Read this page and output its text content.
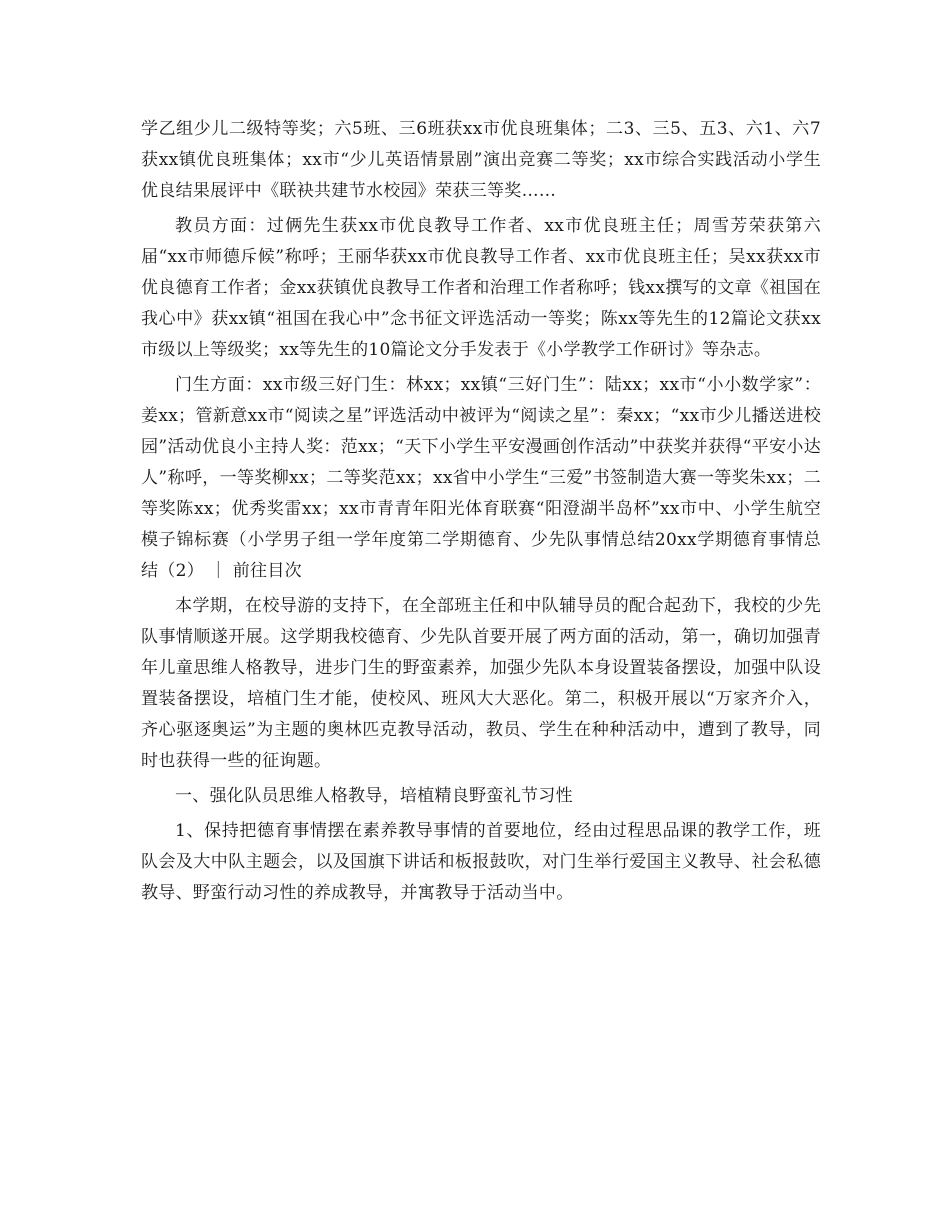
学乙组少儿二级特等奖；六5班、三6班获xx市优良班集体；二3、三5、五3、六1、六7获xx镇优良班集体；xx市“少儿英语情景剧”演出竞赛二等奖；xx市综合实践活动小学生优良结果展评中《联袂共建节水校园》荣获三等奖……

教员方面：过俩先生获xx市优良教导工作者、xx市优良班主任；周雪芳荣获第六届“xx市师德斥候”称呼；王丽华获xx市优良教导工作者、xx市优良班主任；吴xx获xx市优良德育工作者；金xx获镇优良教导工作者和治理工作者称呼；钱xx撰写的文章《祖国在我心中》获xx镇“祖国在我心中”念书征文评选活动一等奖；陈xx等先生的12篇论文获xx市级以上等级奖；xx等先生的10篇论文分手发表于《小学教学工作研讨》等杂志。

门生方面：xx市级三好门生：林xx；xx镇“三好门生”：陆xx；xx市“小小数学家”：姜xx；管新意xx市“阅读之星”评选活动中被评为“阅读之星”：秦xx；“xx市少儿播送进校园”活动优良小主持人奖：范xx；“天下小学生平安漫画创作活动”中获奖并获得“平安小达人”称呼，一等奖柳xx；二等奖范xx；xx省中小学生“三爱”书签制造大赛一等奖朱xx；二等奖陈xx；优秀奖雷xx；xx市青青年阳光体育联赛“阳澄湖半岛杯”xx市中、小学生航空模子锦标赛（小学男子组一学年度第二学期德育、少先队事情总结20xx学期德育事情总结（2） ｜ 前往目次

本学期，在校导游的支持下，在全部班主任和中队辅导员的配合起劲下，我校的少先队事情顺遂开展。这学期我校德育、少先队首要开展了两方面的活动，第一，确切加强青年儿童思维人格教导，进步门生的野蛮素养，加强少先队本身设置装备摆设，加强中队设置装备摆设，培植门生才能，使校风、班风大大恶化。第二，积极开展以“万家齐介入，齐心驱逐奥运”为主题的奥林匹克教导活动，教员、学生在种种活动中，遭到了教导，同时也获得一些的征询题。

一、强化队员思维人格教导，培植精良野蛮礼节习性

1、保持把德育事情摆在素养教导事情的首要地位，经由过程思品课的教学工作，班队会及大中队主题会，以及国旗下讲话和板报鼓吹，对门生举行爱国主义教导、社会私德教导、野蛮行动习性的养成教导，并寓教导于活动当中。
